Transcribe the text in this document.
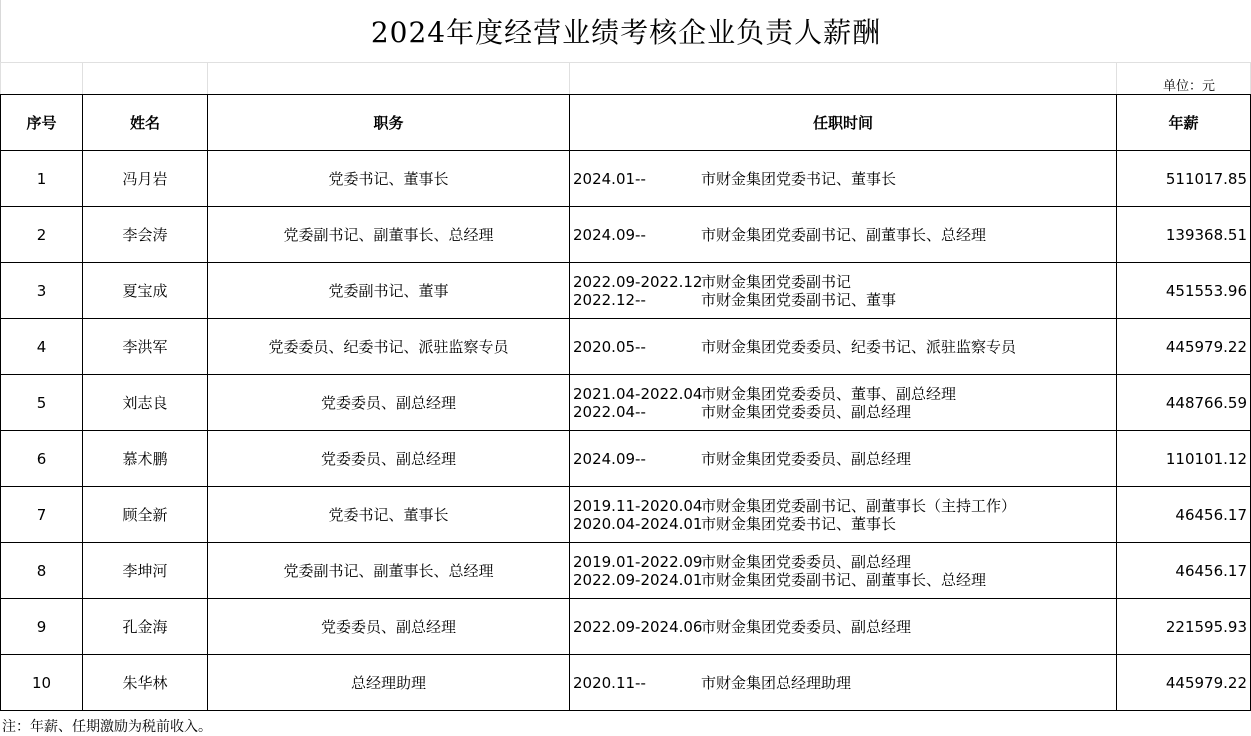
2024年度经营业绩考核企业负责人薪酬
单位：元
序号	姓名	职务	任职时间	年薪
1	冯月岩	党委书记、董事长	2024.01-- 市财金集团党委书记、董事长	511017.85
2	李会涛	党委副书记、副董事长、总经理	2024.09-- 市财金集团党委副书记、副董事长、总经理	139368.51
3	夏宝成	党委副书记、董事	2022.09-2022.12
市财金集团党委副书记
2022.12-- 市财金集团党委副书记、董事	451553.96
4	李洪军	党委委员、纪委书记、派驻监察专员	2020.05-- 市财金集团党委委员、纪委书记、派驻监察专员	445979.22
5	刘志良	党委委员、副总经理	2021.04-2022.04
市财金集团党委委员、董事、副总经理
2022.04-- 市财金集团党委委员、副总经理	448766.59
6	慕术鹏	党委委员、副总经理	2024.09-- 市财金集团党委委员、副总经理	110101.12
7	顾全新	党委书记、董事长	2019.11-2020.04
市财金集团党委副书记、副董事长（主持工作）
2020.04-2024.01
市财金集团党委书记、董事长	46456.17
8	李坤河	党委副书记、副董事长、总经理	2019.01-2022.09
市财金集团党委委员、副总经理
2022.09-2024.01
市财金集团党委副书记、副董事长、总经理	46456.17
9	孔金海	党委委员、副总经理	2022.09-2024.06
市财金集团党委委员、副总经理	221595.93
10	朱华林	总经理助理	2020.11-- 市财金集团总经理助理	445979.22
注：年薪、任期激励为税前收入。
